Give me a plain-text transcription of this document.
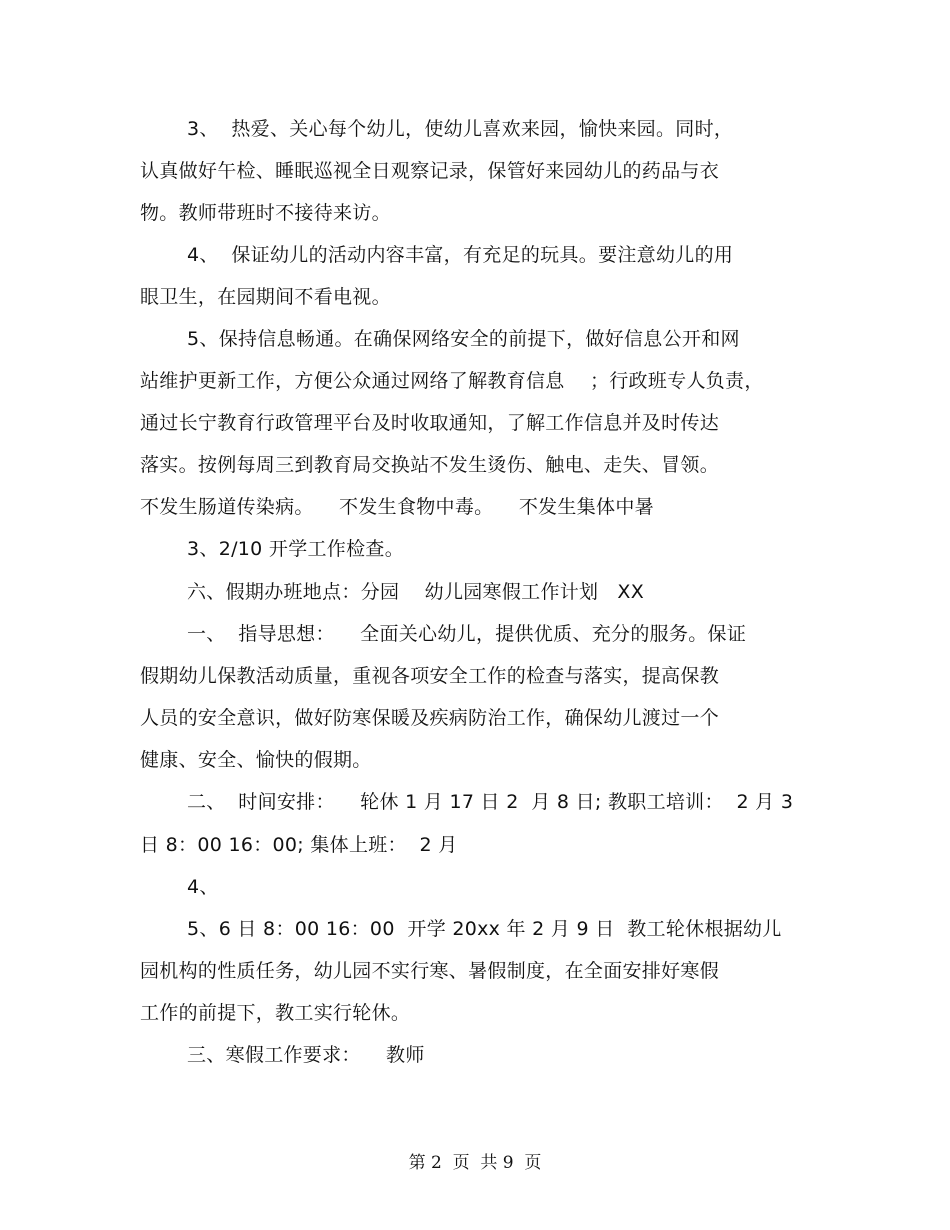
3、  热爱、关心每个幼儿，使幼儿喜欢来园，愉快来园。同时，
认真做好午检、睡眠巡视全日观察记录，保管好来园幼儿的药品与衣
物。教师带班时不接待来访。
4、  保证幼儿的活动内容丰富，有充足的玩具。要注意幼儿的用
眼卫生，在园期间不看电视。
5、保持信息畅通。在确保网络安全的前提下，做好信息公开和网
站维护更新工作，方便公众通过网络了解教育信息    ；行政班专人负责，
通过长宁教育行政管理平台及时收取通知，了解工作信息并及时传达
落实。按例每周三到教育局交换站不发生烫伤、触电、走失、冒领。
不发生肠道传染病。    不发生食物中毒。    不发生集体中暑
3、2/10 开学工作检查。
六、假期办班地点：分园    幼儿园寒假工作计划   XX
一、  指导思想：    全面关心幼儿，提供优质、充分的服务。保证
假期幼儿保教活动质量，重视各项安全工作的检查与落实，提高保教
人员的安全意识，做好防寒保暖及疾病防治工作，确保幼儿渡过一个
健康、安全、愉快的假期。
二、  时间安排：    轮休 1 月 17 日 2  月 8 日; 教职工培训：  2 月 3
日 8：00 16：00; 集体上班：  2 月
4、
5、6 日 8：00 16：00  开学 20xx 年 2 月 9 日  教工轮休根据幼儿
园机构的性质任务，幼儿园不实行寒、暑假制度，在全面安排好寒假
工作的前提下，教工实行轮休。
三、寒假工作要求：    教师
第 2  页  共 9  页
